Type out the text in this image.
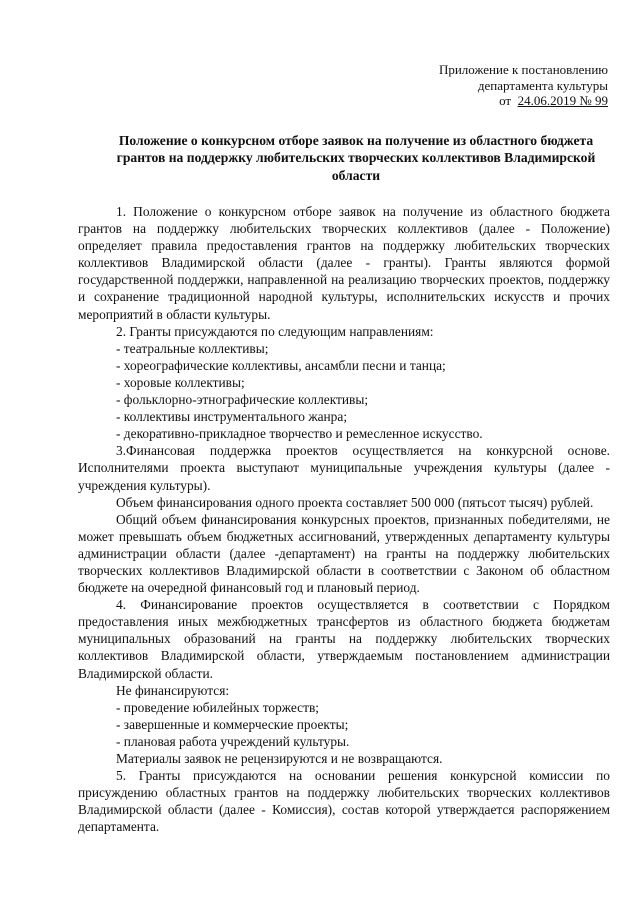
Приложение к постановлению
департамента культуры
от 24.06.2019 № 99
Положение о конкурсном отборе заявок на получение из областного бюджета грантов на поддержку любительских творческих коллективов Владимирской области

1. Положение о конкурсном отборе заявок на получение из областного бюджета грантов на поддержку любительских творческих коллективов (далее - Положение) определяет правила предоставления грантов на поддержку любительских творческих коллективов Владимирской области (далее - гранты). Гранты являются формой государственной поддержки, направленной на реализацию творческих проектов, поддержку и сохранение традиционной народной культуры, исполнительских искусств и прочих мероприятий в области культуры.

2. Гранты присуждаются по следующим направлениям:

- театральные коллективы;

- хореографические коллективы, ансамбли песни и танца;

- хоровые коллективы;

- фольклорно-этнографические коллективы;

- коллективы инструментального жанра;

- декоративно-прикладное творчество и ремесленное искусство.

3.Финансовая поддержка проектов осуществляется на конкурсной основе. Исполнителями проекта выступают муниципальные учреждения культуры (далее - учреждения культуры).

Объем финансирования одного проекта составляет 500 000 (пятьсот тысяч) рублей.

Общий объем финансирования конкурсных проектов, признанных победителями, не может превышать объем бюджетных ассигнований, утвержденных департаменту культуры администрации области (далее -департамент) на гранты на поддержку любительских творческих коллективов Владимирской области в соответствии с Законом об областном бюджете на очередной финансовый год и плановый период.

4. Финансирование проектов осуществляется в соответствии с Порядком предоставления иных межбюджетных трансфертов из областного бюджета бюджетам муниципальных образований на гранты на поддержку любительских творческих коллективов Владимирской области, утверждаемым постановлением администрации Владимирской области.

Не финансируются:

- проведение юбилейных торжеств;

- завершенные и коммерческие проекты;

- плановая работа учреждений культуры.

Материалы заявок не рецензируются и не возвращаются.

5. Гранты присуждаются на основании решения конкурсной комиссии по присуждению областных грантов на поддержку любительских творческих коллективов Владимирской области (далее - Комиссия), состав которой утверждается распоряжением департамента.
